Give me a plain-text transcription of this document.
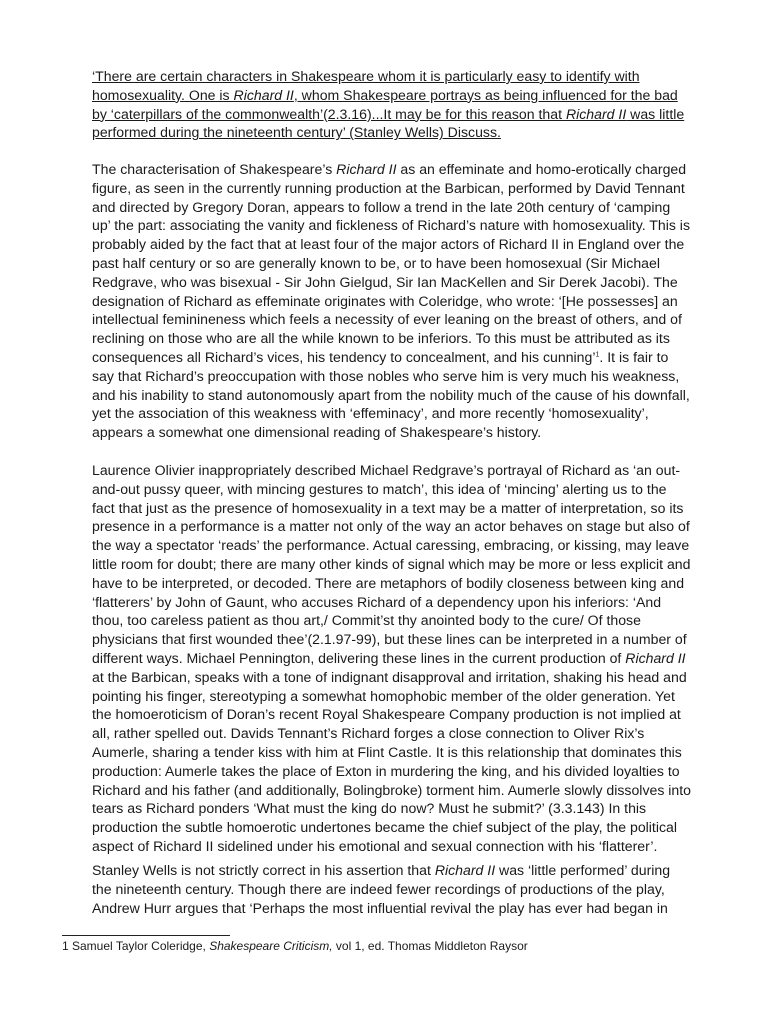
‘There are certain characters in Shakespeare whom it is particularly easy to identify with
homosexuality. One is Richard II, whom Shakespeare portrays as being influenced for the bad
by ‘caterpillars of the commonwealth’(2.3.16)...It may be for this reason that Richard II was little
performed during the nineteenth century’ (Stanley Wells) Discuss.
The characterisation of Shakespeare’s Richard II as an effeminate and homo-erotically charged
figure, as seen in the currently running production at the Barbican, performed by David Tennant
and directed by Gregory Doran, appears to follow a trend in the late 20th century of ‘camping
up’ the part: associating the vanity and fickleness of Richard’s nature with homosexuality. This is
probably aided by the fact that at least four of the major actors of Richard II in England over the
past half century or so are generally known to be, or to have been homosexual (Sir Michael
Redgrave, who was bisexual - Sir John Gielgud, Sir Ian MacKellen and Sir Derek Jacobi). The
designation of Richard as effeminate originates with Coleridge, who wrote: ‘[He possesses] an
intellectual feminineness which feels a necessity of ever leaning on the breast of others, and of
reclining on those who are all the while known to be inferiors. To this must be attributed as its
consequences all Richard’s vices, his tendency to concealment, and his cunning’$^1$. It is fair to
say that Richard’s preoccupation with those nobles who serve him is very much his weakness,
and his inability to stand autonomously apart from the nobility much of the cause of his downfall,
yet the association of this weakness with ‘effeminacy’, and more recently ‘homosexuality’,
appears a somewhat one dimensional reading of Shakespeare’s history.
Laurence Olivier inappropriately described Michael Redgrave’s portrayal of Richard as ‘an out-
and-out pussy queer, with mincing gestures to match’, this idea of ‘mincing’ alerting us to the
fact that just as the presence of homosexuality in a text may be a matter of interpretation, so its
presence in a performance is a matter not only of the way an actor behaves on stage but also of
the way a spectator ‘reads’ the performance. Actual caressing, embracing, or kissing, may leave
little room for doubt; there are many other kinds of signal which may be more or less explicit and
have to be interpreted, or decoded. There are metaphors of bodily closeness between king and
‘flatterers’ by John of Gaunt, who accuses Richard of a dependency upon his inferiors: ‘And
thou, too careless patient as thou art,/ Commit’st thy anointed body to the cure/ Of those
physicians that first wounded thee’(2.1.97-99), but these lines can be interpreted in a number of
different ways. Michael Pennington, delivering these lines in the current production of Richard II
at the Barbican, speaks with a tone of indignant disapproval and irritation, shaking his head and
pointing his finger, stereotyping a somewhat homophobic member of the older generation. Yet
the homoeroticism of Doran’s recent Royal Shakespeare Company production is not implied at
all, rather spelled out. Davids Tennant’s Richard forges a close connection to Oliver Rix’s
Aumerle, sharing a tender kiss with him at Flint Castle. It is this relationship that dominates this
production: Aumerle takes the place of Exton in murdering the king, and his divided loyalties to
Richard and his father (and additionally, Bolingbroke) torment him. Aumerle slowly dissolves into
tears as Richard ponders ‘What must the king do now? Must he submit?’ (3.3.143) In this
production the subtle homoerotic undertones became the chief subject of the play, the political
aspect of Richard II sidelined under his emotional and sexual connection with his ‘flatterer’.
Stanley Wells is not strictly correct in his assertion that Richard II was ‘little performed’ during
the nineteenth century. Though there are indeed fewer recordings of productions of the play,
Andrew Hurr argues that ‘Perhaps the most influential revival the play has ever had began in
1 Samuel Taylor Coleridge, Shakespeare Criticism, vol 1, ed. Thomas Middleton Raysor
